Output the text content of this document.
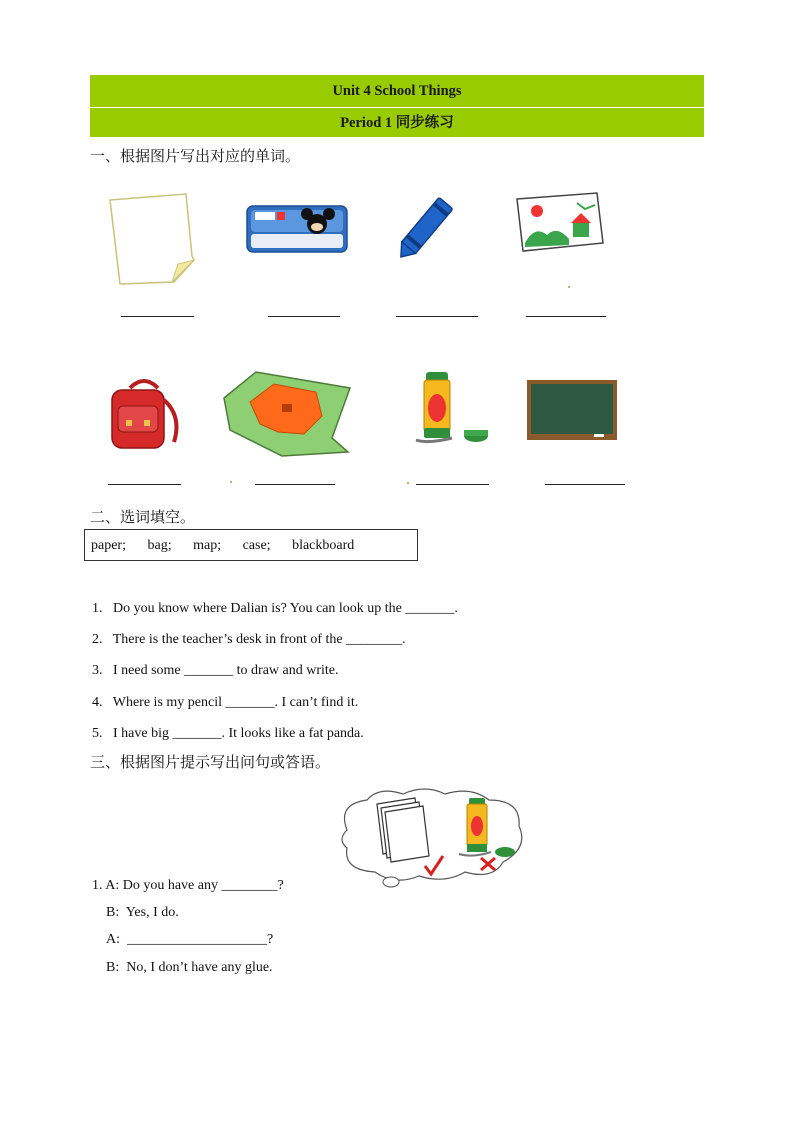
Unit 4 School Things
Period 1 同步练习
一、根据图片写出对应的单词。
二、选词填空。
paper; bag; map; case; blackboard
1. Do you know where Dalian is? You can look up the _______.
2. There is the teacher’s desk in front of the ________.
3. I need some _______ to draw and write.
4. Where is my pencil _______. I can’t find it.
5. I have big _______. It looks like a fat panda.
三、根据图片提示写出问句或答语。
1. A: Do you have any ________?
B: Yes, I do.
A: ____________________?
B: No, I don’t have any glue.
